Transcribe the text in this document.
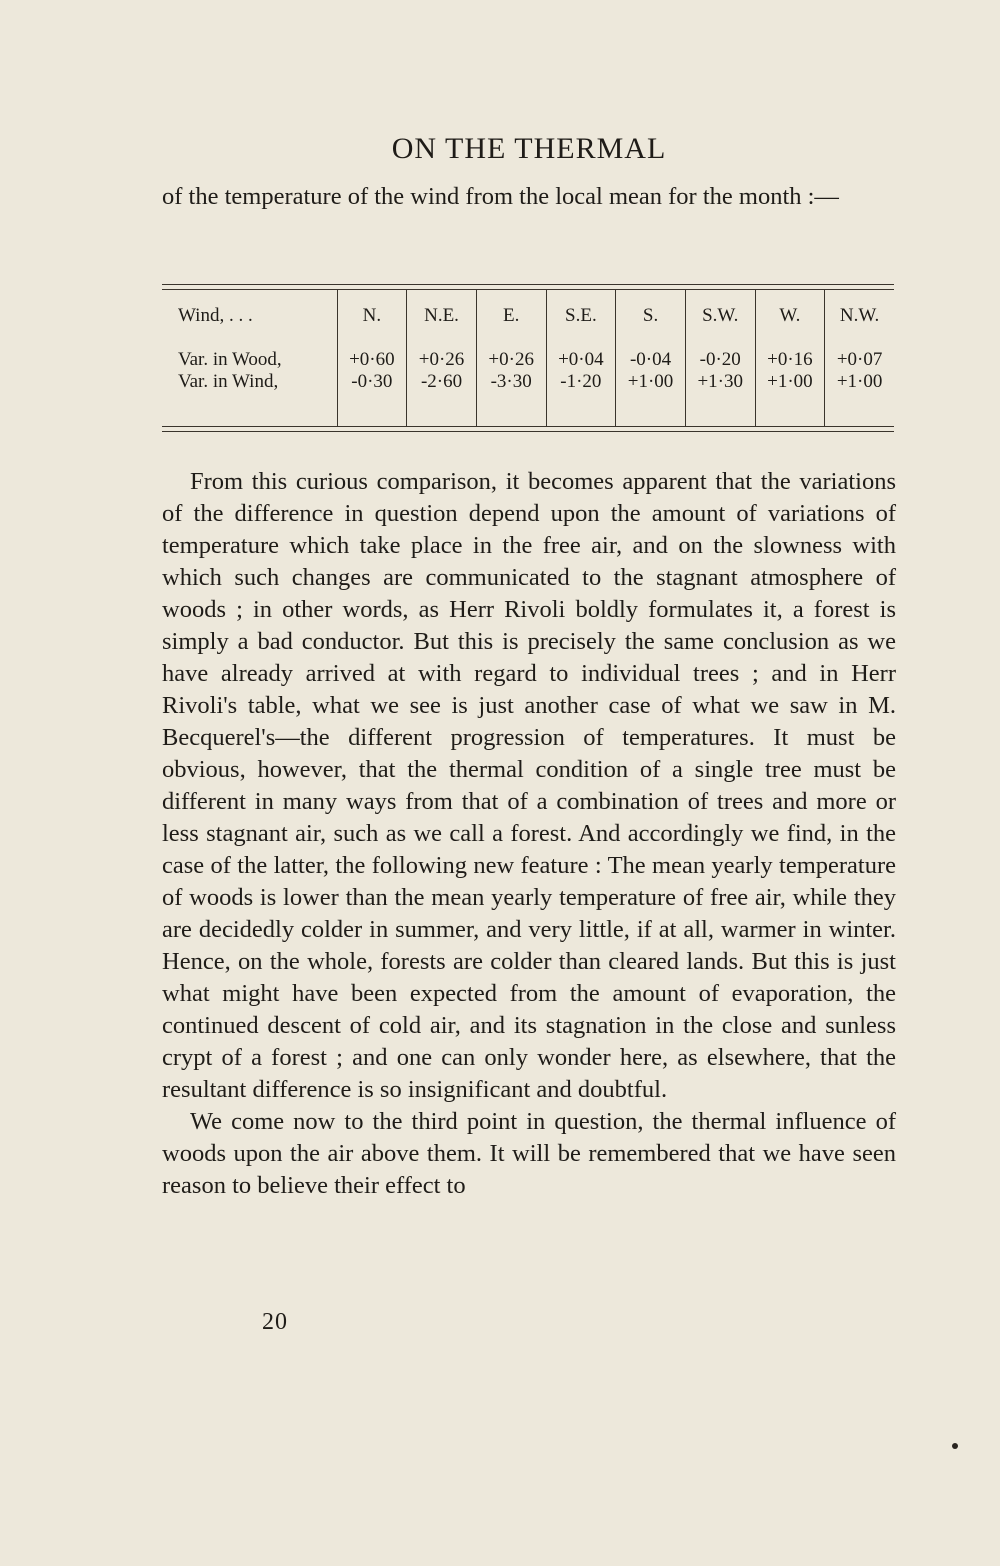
ON THE THERMAL

of the temperature of the wind from the local mean for the month :—

Wind, . . .	N.	N.E.	E.	S.E.	S.	S.W.	W.	N.W.
Var. in Wood,	+0·60	+0·26	+0·26	+0·04	-0·04	-0·20	+0·16	+0·07
Var. in Wind,	-0·30	-2·60	-3·30	-1·20	+1·00	+1·30	+1·00	+1·00

From this curious comparison, it becomes apparent that the variations of the difference in question depend upon the amount of variations of temperature which take place in the free air, and on the slowness with which such changes are communicated to the stagnant atmosphere of woods ; in other words, as Herr Rivoli boldly formulates it, a forest is simply a bad conductor. But this is precisely the same conclusion as we have already arrived at with regard to individual trees ; and in Herr Rivoli's table, what we see is just another case of what we saw in M. Becquerel's—the different progression of temperatures. It must be obvious, however, that the thermal condition of a single tree must be different in many ways from that of a combination of trees and more or less stagnant air, such as we call a forest. And accordingly we find, in the case of the latter, the following new feature : The mean yearly temperature of woods is lower than the mean yearly temperature of free air, while they are decidedly colder in summer, and very little, if at all, warmer in winter. Hence, on the whole, forests are colder than cleared lands. But this is just what might have been expected from the amount of evaporation, the continued descent of cold air, and its stagnation in the close and sunless crypt of a forest ; and one can only wonder here, as elsewhere, that the resultant difference is so insignificant and doubtful.

We come now to the third point in question, the thermal influence of woods upon the air above them. It will be remembered that we have seen reason to believe their effect to

20
